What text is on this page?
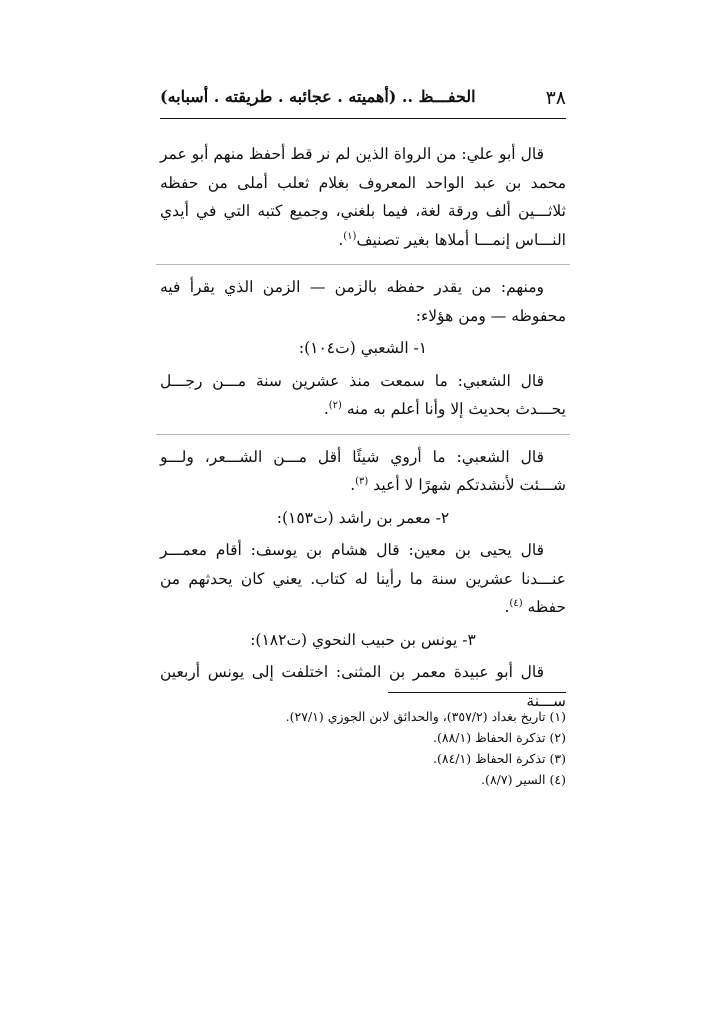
٣٨
الحفـــظ .. (أهميته . عجائبه . طريقته . أسبابه)

قال أبو علي: من الرواة الذين لم نر قط أحفظ منهم أبو عمر محمد بن عبد الواحد المعروف بغلام ثعلب أملى من حفظه ثلاثـــين ألف ورقة لغة، فيما بلغني، وجميع كتبه التي في أيدي النـــاس إنمـــا أملاها بغير تصنيف$^{(١)}$.

ومنهم: من يقدر حفظه بالزمن — الزمن الذي يقرأ فيه محفوظه — ومن هؤلاء:

١- الشعبي (ت١٠٤):

قال الشعبي: ما سمعت منذ عشرين سنة مـــن رجـــل يحـــدث بحديث إلا وأنا أعلم به منه $^{(٢)}$.

قال الشعبي: ما أروي شيئًا أقل مـــن الشـــعر، ولـــو شـــئت لأنشدتكم شهرًا لا أعيد $^{(٣)}$.

٢- معمر بن راشد (ت١٥٣):

قال يحيى بن معين: قال هشام بن يوسف: أقام معمـــر عنـــدنا عشرين سنة ما رأينا له كتاب. يعني كان يحدثهم من حفظه $^{(٤)}$.

٣- يونس بن حبيب النحوي (ت١٨٢):

قال أبو عبيدة معمر بن المثنى: اختلفت إلى يونس أربعين ســـنة

(١) تاريخ بغداد (٣٥٧/٢)، والحدائق لابن الجوزي (٢٧/١).
(٢) تذكرة الحفاظ (٨٨/١).
(٣) تذكرة الحفاظ (٨٤/١).
(٤) السير (٨/٧).
